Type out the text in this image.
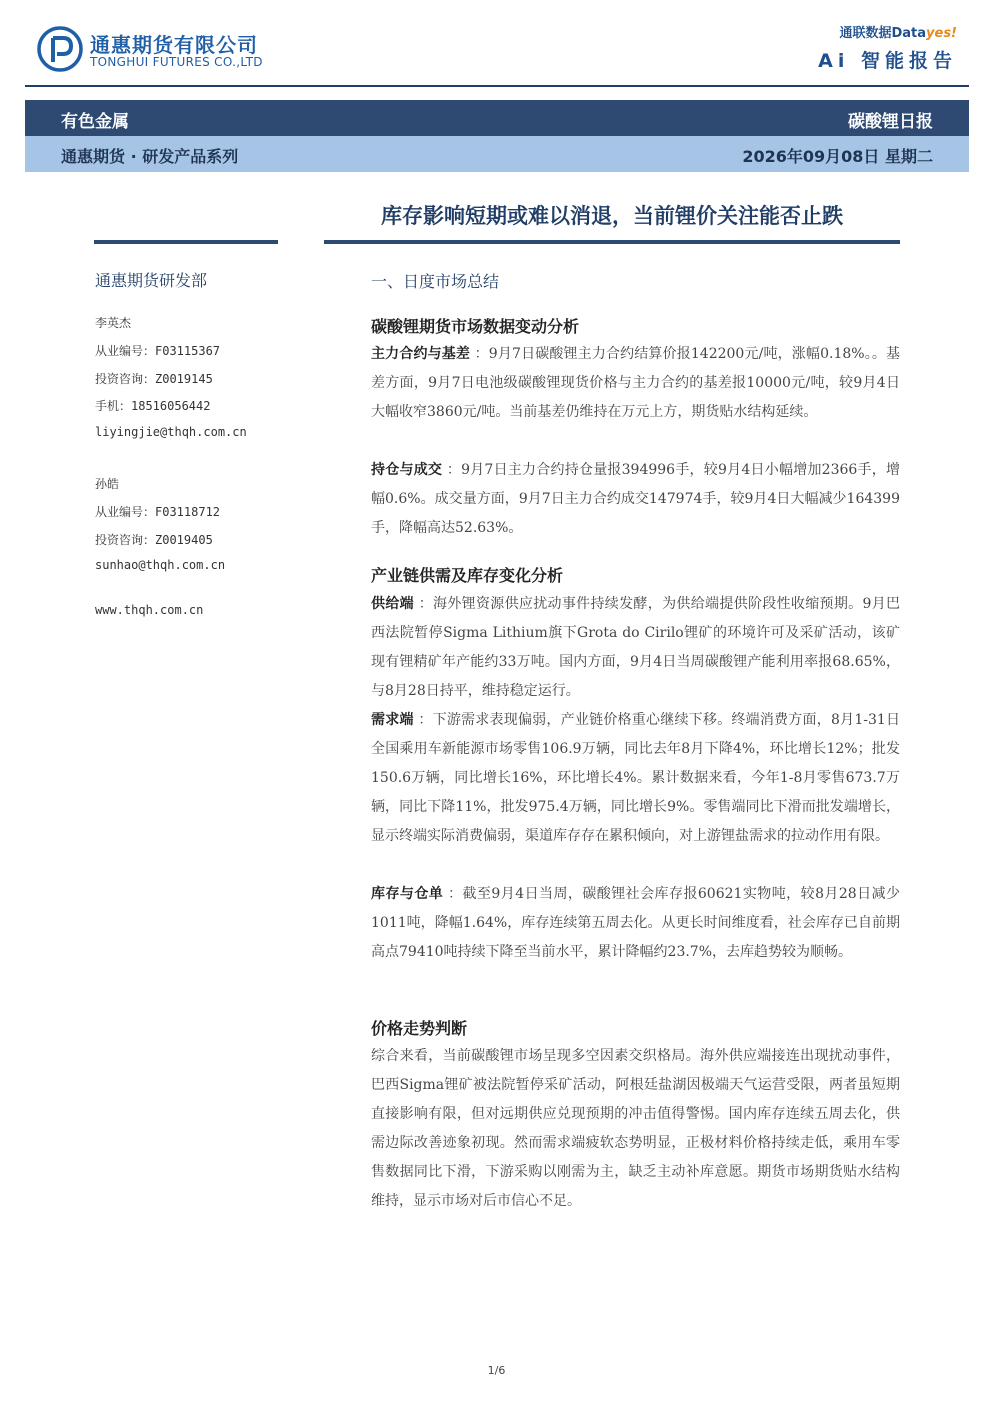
通惠期货有限公司
TONGHUI FUTURES CO.,LTD
通联数据Datayes!
Ai 智能报告
有色金属	碳酸锂日报
通惠期货 · 研发产品系列	2026年09月08日 星期二
库存影响短期或难以消退，当前锂价关注能否止跌
通惠期货研发部
李英杰
从业编号：F03115367
投资咨询：Z0019145
手机：18516056442
liyingjie@thqh.com.cn
孙皓
从业编号：F03118712
投资咨询：Z0019405
sunhao@thqh.com.cn
www.thqh.com.cn
一、日度市场总结
碳酸锂期货市场数据变动分析
主力合约与基差 ：9月7日碳酸锂主力合约结算价报142200元/吨，涨幅0.18%。。基差方面，9月7日电池级碳酸锂现货价格与主力合约的基差报10000元/吨，较9月4日大幅收窄3860元/吨。当前基差仍维持在万元上方，期货贴水结构延续。
持仓与成交 ：9月7日主力合约持仓量报394996手，较9月4日小幅增加2366手，增幅0.6%。成交量方面，9月7日主力合约成交147974手，较9月4日大幅减少164399手，降幅高达52.63%。
产业链供需及库存变化分析
供给端 ：海外锂资源供应扰动事件持续发酵，为供给端提供阶段性收缩预期。9月巴西法院暂停Sigma Lithium旗下Grota do Cirilo锂矿的环境许可及采矿活动，该矿现有锂精矿年产能约33万吨。国内方面，9月4日当周碳酸锂产能利用率报68.65%，与8月28日持平，维持稳定运行。
需求端 ：下游需求表现偏弱，产业链价格重心继续下移。终端消费方面，8月1-31日全国乘用车新能源市场零售106.9万辆，同比去年8月下降4%，环比增长12%；批发150.6万辆，同比增长16%，环比增长4%。累计数据来看，今年1-8月零售673.7万辆，同比下降11%，批发975.4万辆，同比增长9%。零售端同比下滑而批发端增长，显示终端实际消费偏弱，渠道库存存在累积倾向，对上游锂盐需求的拉动作用有限。
库存与仓单 ：截至9月4日当周，碳酸锂社会库存报60621实物吨，较8月28日减少1011吨，降幅1.64%，库存连续第五周去化。从更长时间维度看，社会库存已自前期高点79410吨持续下降至当前水平，累计降幅约23.7%，去库趋势较为顺畅。
价格走势判断
综合来看，当前碳酸锂市场呈现多空因素交织格局。海外供应端接连出现扰动事件，巴西Sigma锂矿被法院暂停采矿活动，阿根廷盐湖因极端天气运营受限，两者虽短期直接影响有限，但对远期供应兑现预期的冲击值得警惕。国内库存连续五周去化，供需边际改善迹象初现。然而需求端疲软态势明显，正极材料价格持续走低，乘用车零售数据同比下滑，下游采购以刚需为主，缺乏主动补库意愿。期货市场期货贴水结构维持，显示市场对后市信心不足。
1/6
